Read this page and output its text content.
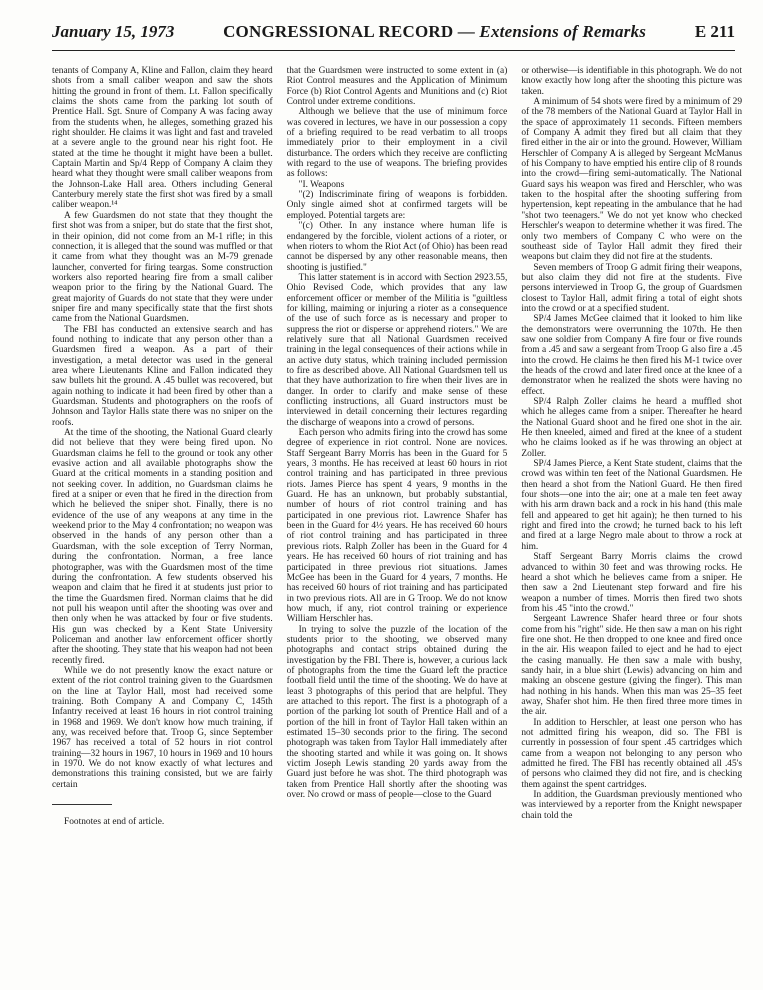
January 15, 1973	CONGRESSIONAL RECORD — Extensions of Remarks	E 211

tenants of Company A, Kline and Fallon, claim they heard shots from a small caliber weapon and saw the shots hitting the ground in front of them. Lt. Fallon specifically claims the shots came from the parking lot south of Prentice Hall. Sgt. Snure of Company A was facing away from the students when, he alleges, something grazed his right shoulder. He claims it was light and fast and traveled at a severe angle to the ground near his right foot. He stated at the time he thought it might have been a bullet. Captain Martin and Sp/4 Repp of Company A claim they heard what they thought were small caliber weapons from the Johnson-Lake Hall area. Others including General Canterbury merely state the first shot was fired by a small caliber weapon.¹⁴

A few Guardsmen do not state that they thought the first shot was from a sniper, but do state that the first shot, in their opinion, did not come from an M-1 rifle; in this connection, it is alleged that the sound was muffled or that it came from what they thought was an M-79 grenade launcher, converted for firing teargas. Some construction workers also reported hearing fire from a small caliber weapon prior to the firing by the National Guard. The great majority of Guards do not state that they were under sniper fire and many specifically state that the first shots came from the National Guardsmen.

The FBI has conducted an extensive search and has found nothing to indicate that any person other than a Guardsmen fired a weapon. As a part of their investigation, a metal detector was used in the general area where Lieutenants Kline and Fallon indicated they saw bullets hit the ground. A .45 bullet was recovered, but again nothing to indicate it had been fired by other than a Guardsman. Students and photographers on the roofs of Johnson and Taylor Halls state there was no sniper on the roofs.

At the time of the shooting, the National Guard clearly did not believe that they were being fired upon. No Guardsman claims he fell to the ground or took any other evasive action and all available photographs show the Guard at the critical moments in a standing position and not seeking cover. In addition, no Guardsman claims he fired at a sniper or even that he fired in the direction from which he believed the sniper shot. Finally, there is no evidence of the use of any weapons at any time in the weekend prior to the May 4 confrontation; no weapon was observed in the hands of any person other than a Guardsman, with the sole exception of Terry Norman, during the confrontation. Norman, a free lance photographer, was with the Guardsmen most of the time during the confrontation. A few students observed his weapon and claim that he fired it at students just prior to the time the Guardsmen fired. Norman claims that he did not pull his weapon until after the shooting was over and then only when he was attacked by four or five students. His gun was checked by a Kent State University Policeman and another law enforcement officer shortly after the shooting. They state that his weapon had not been recently fired.

While we do not presently know the exact nature or extent of the riot control training given to the Guardsmen on the line at Taylor Hall, most had received some training. Both Company A and Company C, 145th Infantry received at least 16 hours in riot control training in 1968 and 1969. We don't know how much training, if any, was received before that. Troop G, since September 1967 has received a total of 52 hours in riot control training—32 hours in 1967, 10 hours in 1969 and 10 hours in 1970. We do not know exactly of what lectures and demonstrations this training consisted, but we are fairly certain

Footnotes at end of article.

that the Guardsmen were instructed to some extent in (a) Riot Control measures and the Application of Minimum Force (b) Riot Control Agents and Munitions and (c) Riot Control under extreme conditions.

Although we believe that the use of minimum force was covered in lectures, we have in our possession a copy of a briefing required to be read verbatim to all troops immediately prior to their employment in a civil disturbance. The orders which they receive are conflicting with regard to the use of weapons. The briefing provides as follows:

"I. Weapons

"(2) Indiscriminate firing of weapons is forbidden. Only single aimed shot at confirmed targets will be employed. Potential targets are:

"(c) Other. In any instance where human life is endangered by the forcible, violent actions of a rioter, or when rioters to whom the Riot Act (of Ohio) has been read cannot be dispersed by any other reasonable means, then shooting is justified."

This latter statement is in accord with Section 2923.55, Ohio Revised Code, which provides that any law enforcement officer or member of the Militia is "guiltless for killing, maiming or injuring a rioter as a consequence of the use of such force as is necessary and proper to suppress the riot or disperse or apprehend rioters." We are relatively sure that all National Guardsmen received training in the legal consequences of their actions while in an active duty status, which training included permission to fire as described above. All National Guardsmen tell us that they have authorization to fire when their lives are in danger. In order to clarify and make sense of these conflicting instructions, all Guard instructors must be interviewed in detail concerning their lectures regarding the discharge of weapons into a crowd of persons.

Each person who admits firing into the crowd has some degree of experience in riot control. None are novices. Staff Sergeant Barry Morris has been in the Guard for 5 years, 3 months. He has received at least 60 hours in riot control training and has participated in three previous riots. James Pierce has spent 4 years, 9 months in the Guard. He has an unknown, but probably substantial, number of hours of riot control training and has participated in one previous riot. Lawrence Shafer has been in the Guard for 4½ years. He has received 60 hours of riot control training and has participated in three previous riots. Ralph Zoller has been in the Guard for 4 years. He has received 60 hours of riot training and has participated in three previous riot situations. James McGee has been in the Guard for 4 years, 7 months. He has received 60 hours of riot training and has participated in two previous riots. All are in G Troop. We do not know how much, if any, riot control training or experience William Herschler has.

In trying to solve the puzzle of the location of the students prior to the shooting, we observed many photographs and contact strips obtained during the investigation by the FBI. There is, however, a curious lack of photographs from the time the Guard left the practice football field until the time of the shooting. We do have at least 3 photographs of this period that are helpful. They are attached to this report. The first is a photograph of a portion of the parking lot south of Prentice Hall and of a portion of the hill in front of Taylor Hall taken within an estimated 15–30 seconds prior to the firing. The second photograph was taken from Taylor Hall immediately after the shooting started and while it was going on. It shows victim Joseph Lewis standing 20 yards away from the Guard just before he was shot. The third photograph was taken from Prentice Hall shortly after the shooting was over. No crowd or mass of people—close to the Guard

or otherwise—is identifiable in this photograph. We do not know exactly how long after the shooting this picture was taken.

A minimum of 54 shots were fired by a minimum of 29 of the 78 members of the National Guard at Taylor Hall in the space of approximately 11 seconds. Fifteen members of Company A admit they fired but all claim that they fired either in the air or into the ground. However, William Herschler of Company A is alleged by Sergeant McManus of his Company to have emptied his entire clip of 8 rounds into the crowd—firing semi-automatically. The National Guard says his weapon was fired and Herschler, who was taken to the hospital after the shooting suffering from hypertension, kept repeating in the ambulance that he had "shot two teenagers." We do not yet know who checked Herschler's weapon to determine whether it was fired. The only two members of Company C who were on the southeast side of Taylor Hall admit they fired their weapons but claim they did not fire at the students.

Seven members of Troop G admit firing their weapons, but also claim they did not fire at the students. Five persons interviewed in Troop G, the group of Guardsmen closest to Taylor Hall, admit firing a total of eight shots into the crowd or at a specified student.

SP/4 James McGee claimed that it looked to him like the demonstrators were overrunning the 107th. He then saw one soldier from Company A fire four or five rounds from a .45 and saw a sergeant from Troop G also fire a .45 into the crowd. He claims he then fired his M-1 twice over the heads of the crowd and later fired once at the knee of a demonstrator when he realized the shots were having no effect.

SP/4 Ralph Zoller claims he heard a muffled shot which he alleges came from a sniper. Thereafter he heard the National Guard shoot and he fired one shot in the air. He then kneeled, aimed and fired at the knee of a student who he claims looked as if he was throwing an object at Zoller.

SP/4 James Pierce, a Kent State student, claims that the crowd was within ten feet of the National Guardsmen. He then heard a shot from the Nationl Guard. He then fired four shots—one into the air; one at a male ten feet away with his arm drawn back and a rock in his hand (this male fell and appeared to get hit again); he then turned to his right and fired into the crowd; he turned back to his left and fired at a large Negro male about to throw a rock at him.

Staff Sergeant Barry Morris claims the crowd advanced to within 30 feet and was throwing rocks. He heard a shot which he believes came from a sniper. He then saw a 2nd Lieutenant step forward and fire his weapon a number of times. Morris then fired two shots from his .45 "into the crowd."

Sergeant Lawrence Shafer heard three or four shots come from his "right" side. He then saw a man on his right fire one shot. He then dropped to one knee and fired once in the air. His weapon failed to eject and he had to eject the casing manually. He then saw a male with bushy, sandy hair, in a blue shirt (Lewis) advancing on him and making an obscene gesture (giving the finger). This man had nothing in his hands. When this man was 25–35 feet away, Shafer shot him. He then fired three more times in the air.

In addition to Herschler, at least one person who has not admitted firing his weapon, did so. The FBI is currently in possession of four spent .45 cartridges which came from a weapon not belonging to any person who admitted he fired. The FBI has recently obtained all .45's of persons who claimed they did not fire, and is checking them against the spent cartridges.

In addition, the Guardsman previously mentioned who was interviewed by a reporter from the Knight newspaper chain told the
